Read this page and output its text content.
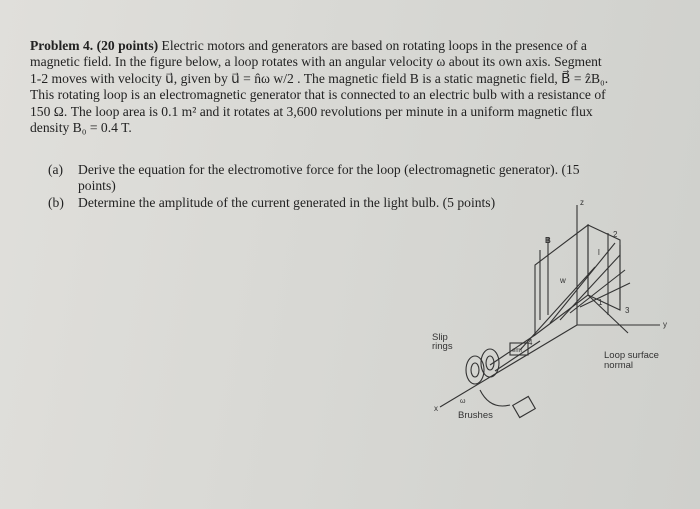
Problem 4. (20 points) Electric motors and generators are based on rotating loops in the presence of a
magnetic field. In the figure below, a loop rotates with an angular velocity ω about its own axis. Segment
1-2 moves with velocity u⃗, given by u⃗ = n̂ω w/2 . The magnetic field B is a static magnetic field, B⃗ = ẑB₀.
This rotating loop is an electromagnetic generator that is connected to an electric bulb with a resistance of
150 Ω. The loop area is 0.1 m² and it rotates at 3,600 revolutions per minute in a uniform magnetic flux
density B₀ = 0.4 T.
(a)	Derive the equation for the electromotive force for the loop (electromagnetic generator). (15
points)
(b)	Determine the amplitude of the current generated in the light bulb. (5 points)	z
B
y
x
w
l
1
2
3
4
emf
ω
Slip
rings
Brushes
Loop surface
normal
